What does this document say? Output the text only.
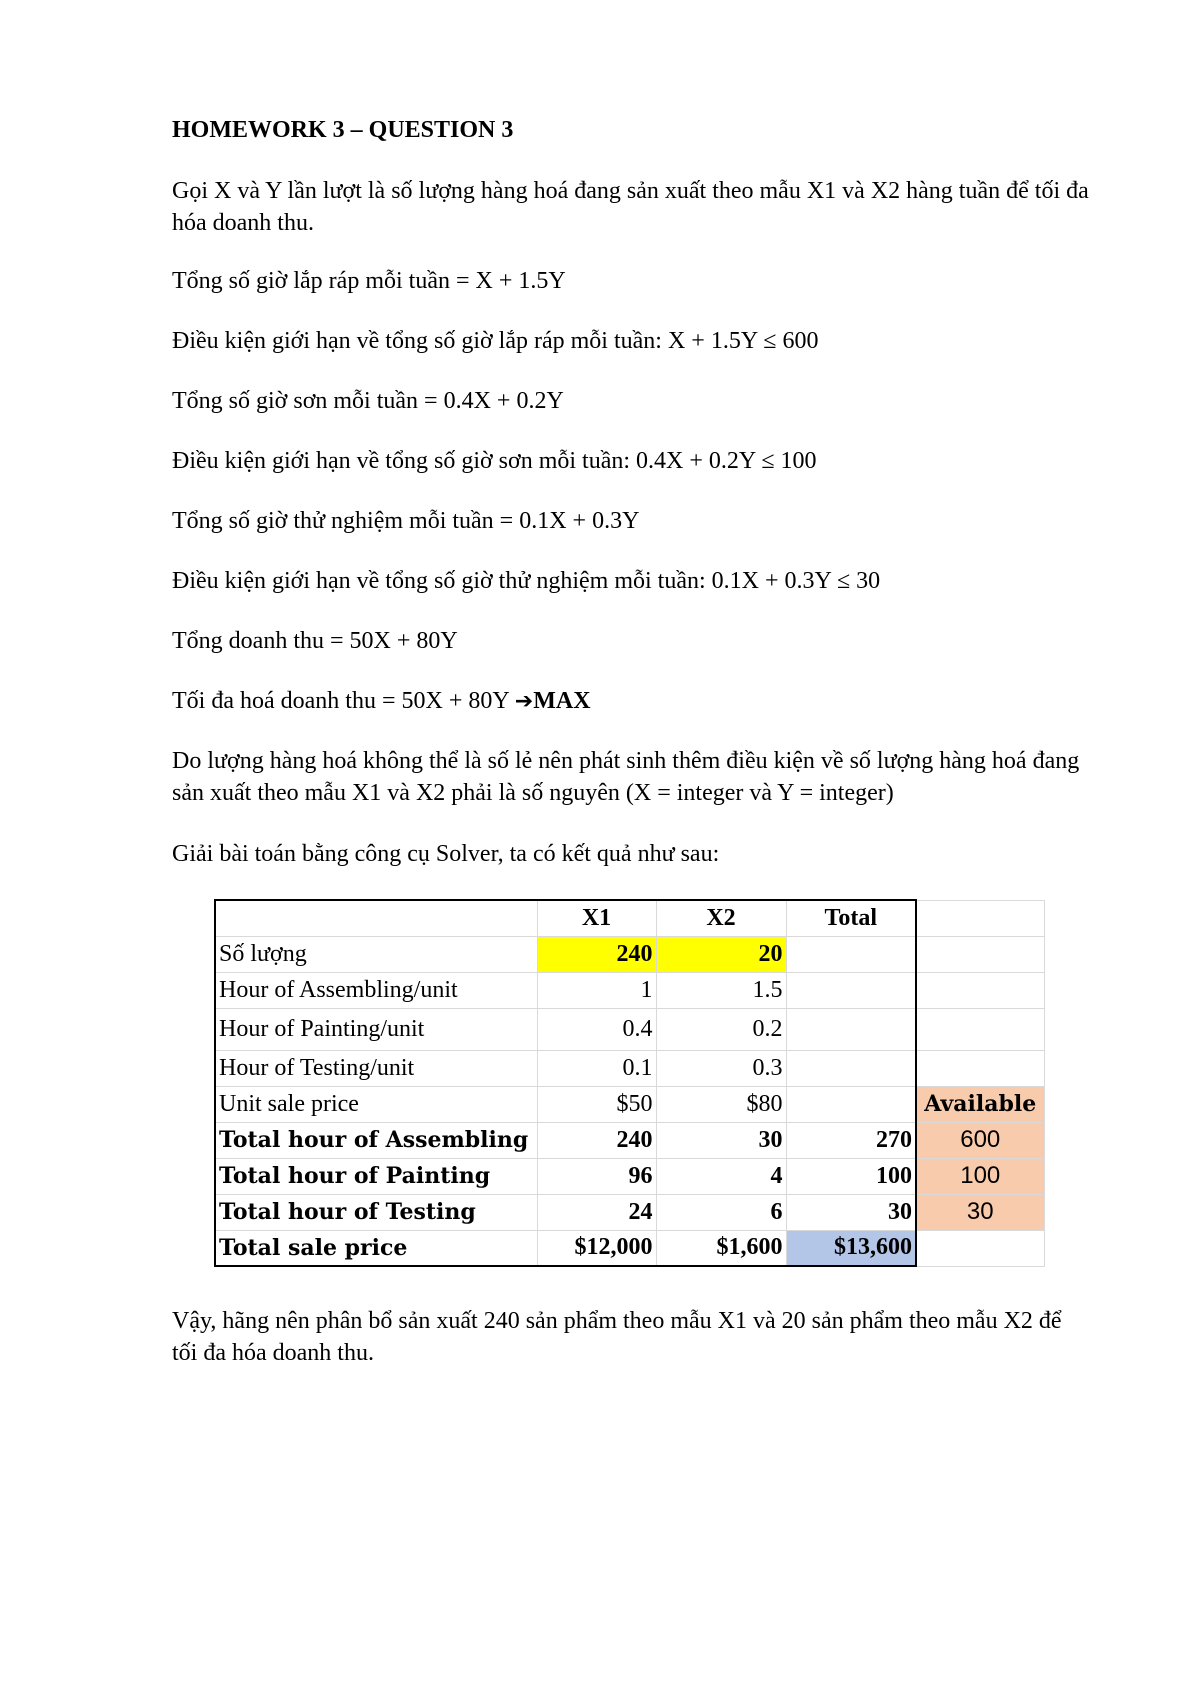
HOMEWORK 3 – QUESTION 3

Gọi X và Y lần lượt là số lượng hàng hoá đang sản xuất theo mẫu X1 và X2 hàng tuần để tối đa hóa doanh thu.

Tổng số giờ lắp ráp mỗi tuần = X + 1.5Y

Điều kiện giới hạn về tổng số giờ lắp ráp mỗi tuần: X + 1.5Y ≤ 600

Tổng số giờ sơn mỗi tuần = 0.4X + 0.2Y

Điều kiện giới hạn về tổng số giờ sơn mỗi tuần: 0.4X + 0.2Y ≤ 100

Tổng số giờ thử nghiệm mỗi tuần = 0.1X + 0.3Y

Điều kiện giới hạn về tổng số giờ thử nghiệm mỗi tuần: 0.1X + 0.3Y ≤ 30

Tổng doanh thu = 50X + 80Y

Tối đa hoá doanh thu = 50X + 80Y ➔MAX

Do lượng hàng hoá không thể là số lẻ nên phát sinh thêm điều kiện về số lượng hàng hoá đang sản xuất theo mẫu X1 và X2 phải là số nguyên (X = integer và Y = integer)

Giải bài toán bằng công cụ Solver, ta có kết quả như sau:

	X1	X2	Total	
Số lượng	240	20		
Hour of Assembling/unit	1	1.5		
Hour of Painting/unit	0.4	0.2		
Hour of Testing/unit	0.1	0.3		
Unit sale price	$50	$80		Available
Total hour of Assembling	240	30	270	600
Total hour of Painting	96	4	100	100
Total hour of Testing	24	6	30	30
Total sale price	$12,000	$1,600	$13,600	

Vậy, hãng nên phân bổ sản xuất 240 sản phẩm theo mẫu X1 và 20 sản phẩm theo mẫu X2 để tối đa hóa doanh thu.
